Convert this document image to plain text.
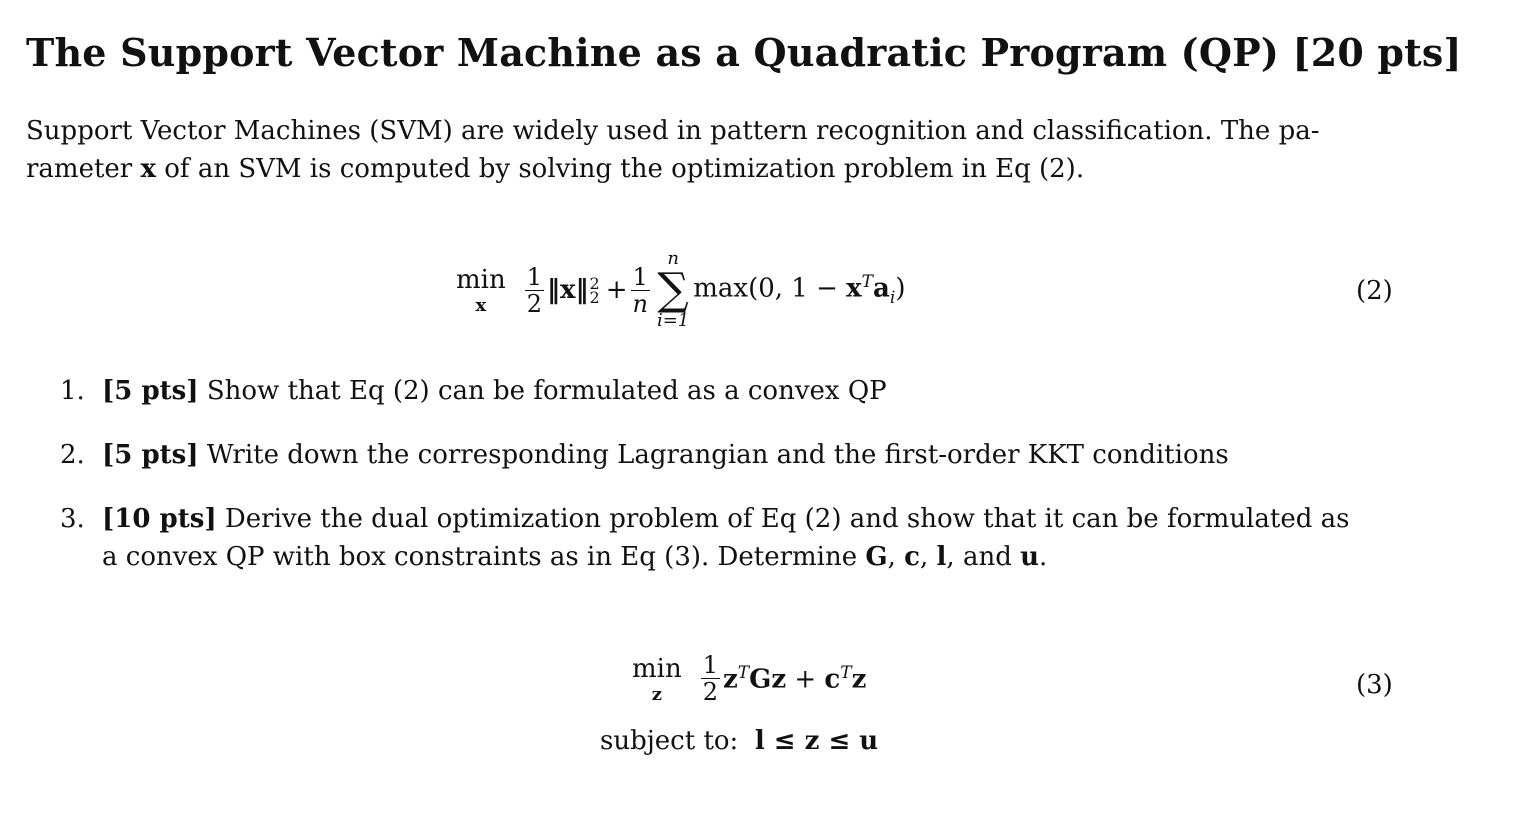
The Support Vector Machine as a Quadratic Program (QP) [20 pts]
Support Vector Machines (SVM) are widely used in pattern recognition and classification. The pa-
rameter x of an SVM is computed by solving the optimization problem in Eq (2).
min
x $\frac{1}{2}$ ‖x‖ 2
$2 + \frac{1}{n}$
n
∑
i=1
max(0, $1 - x^Ta_i$)	(2)
1. [5 pts] Show that Eq (2) can be formulated as a convex QP
2. [5 pts] Write down the corresponding Lagrangian and the first-order KKT conditions
3. [10 pts] Derive the dual optimization problem of Eq (2) and show that it can be formulated as
a convex QP with box constraints as in Eq (3). Determine G, c, l, and u.
min
z $\frac{1}{2} z^TGz + c^Tz$	(3)
subject to: l ≤ z ≤ u
